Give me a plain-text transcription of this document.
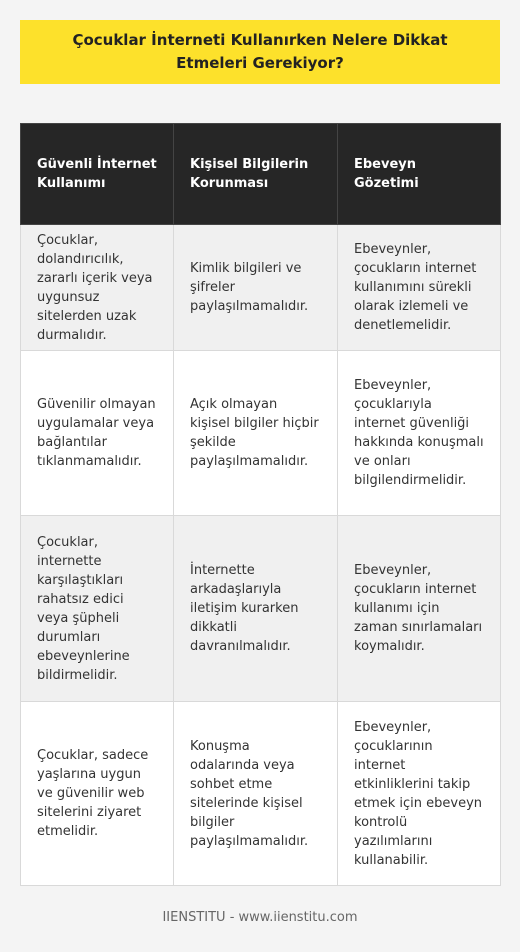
Çocuklar İnterneti Kullanırken Nelere Dikkat Etmeleri Gerekiyor?
Güvenli İnternet Kullanımı	Kişisel Bilgilerin Korunması	Ebeveyn Gözetimi
Çocuklar, dolandırıcılık, zararlı içerik veya uygunsuz sitelerden uzak durmalıdır.	Kimlik bilgileri ve şifreler paylaşılmamalıdır.	Ebeveynler, çocukların internet kullanımını sürekli olarak izlemeli ve denetlemelidir.
Güvenilir olmayan uygulamalar veya bağlantılar tıklanmamalıdır.	Açık olmayan kişisel bilgiler hiçbir şekilde paylaşılmamalıdır.	Ebeveynler, çocuklarıyla internet güvenliği hakkında konuşmalı ve onları bilgilendirmelidir.
Çocuklar, internette karşılaştıkları rahatsız edici veya şüpheli durumları ebeveynlerine bildirmelidir.	İnternette arkadaşlarıyla iletişim kurarken dikkatli davranılmalıdır.	Ebeveynler, çocukların internet kullanımı için zaman sınırlamaları koymalıdır.
Çocuklar, sadece yaşlarına uygun ve güvenilir web sitelerini ziyaret etmelidir.	Konuşma odalarında veya sohbet etme sitelerinde kişisel bilgiler paylaşılmamalıdır.	Ebeveynler, çocuklarının internet etkinliklerini takip etmek için ebeveyn kontrolü yazılımlarını kullanabilir.
IIENSTITU - www.iienstitu.com
